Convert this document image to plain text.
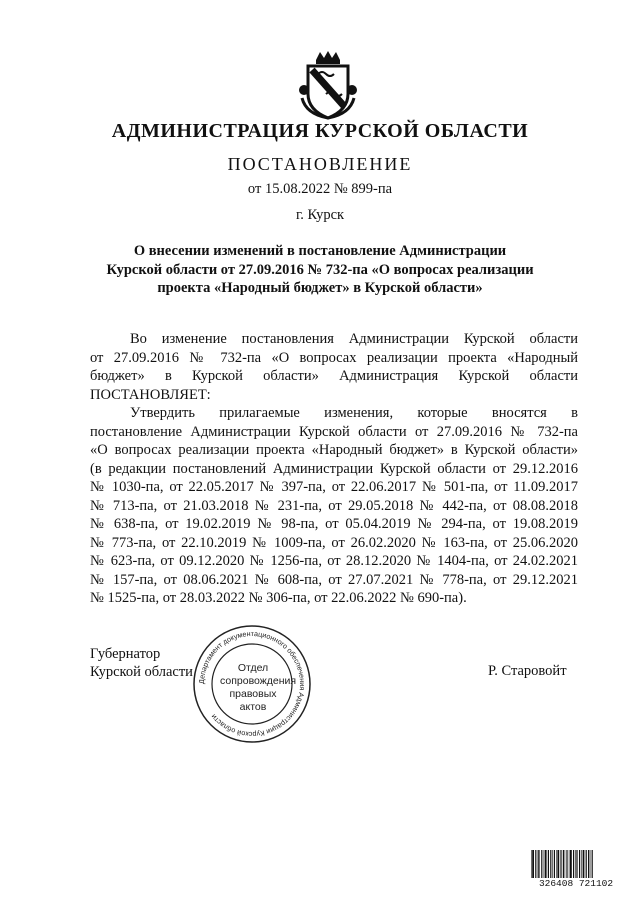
АДМИНИСТРАЦИЯ КУРСКОЙ ОБЛАСТИ
ПОСТАНОВЛЕНИЕ
от 15.08.2022 № 899-па
г. Курск
О внесении изменений в постановление Администрации
Курской области от 27.09.2016 № 732-па «О вопросах реализации
проекта «Народный бюджет» в Курской области»
Во изменение постановления Администрации Курской области
от 27.09.2016 № 732-па «О вопросах реализации проекта «Народный
бюджет» в Курской области» Администрация Курской области
ПОСТАНОВЛЯЕТ:
Утвердить прилагаемые изменения, которые вносятся в
постановление Администрации Курской области от 27.09.2016 № 732-па
«О вопросах реализации проекта «Народный бюджет» в Курской области»
(в редакции постановлений Администрации Курской области от 29.12.2016
№ 1030-па, от 22.05.2017 № 397-па, от 22.06.2017 № 501-па, от 11.09.2017
№ 713-па, от 21.03.2018 № 231-па, от 29.05.2018 № 442-па, от 08.08.2018
№ 638-па, от 19.02.2019 № 98-па, от 05.04.2019 № 294-па, от 19.08.2019
№ 773-па, от 22.10.2019 № 1009-па, от 26.02.2020 № 163-па, от 25.06.2020
№ 623-па, от 09.12.2020 № 1256-па, от 28.12.2020 № 1404-па, от 24.02.2021
№ 157-па, от 08.06.2021 № 608-па, от 27.07.2021 № 778-па, от 29.12.2021
№ 1525-па, от 28.03.2022 № 306-па, от 22.06.2022 № 690-па).
Губернатор
Курской области	Р. Старовойт
Департамент документационного обеспечения Администрации Курской области
Отдел
сопровождения
правовых
актов
326408 721102
